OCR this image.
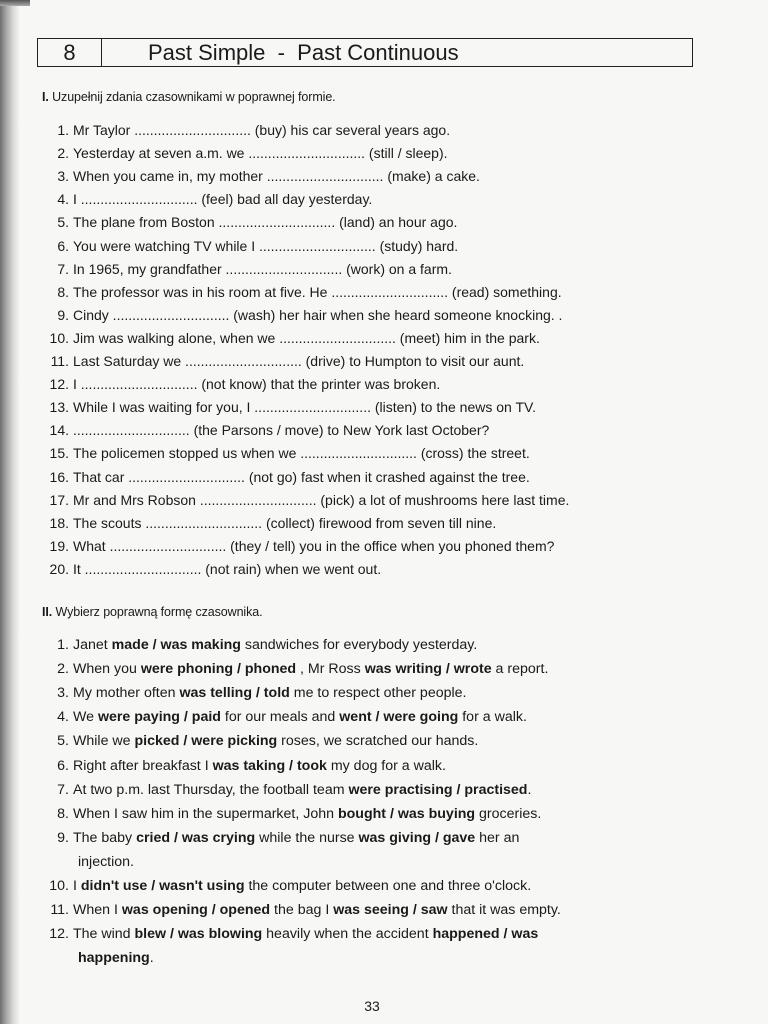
8	Past Simple  -  Past Continuous
I. Uzupełnij zdania czasownikami w poprawnej formie.
1. Mr Taylor .............................. (buy) his car several years ago.
2. Yesterday at seven a.m. we .............................. (still / sleep).
3. When you came in, my mother .............................. (make) a cake.
4. I .............................. (feel) bad all day yesterday.
5. The plane from Boston .............................. (land) an hour ago.
6. You were watching TV while I .............................. (study) hard.
7. In 1965, my grandfather .............................. (work) on a farm.
8. The professor was in his room at five. He .............................. (read) something.
9. Cindy .............................. (wash) her hair when she heard someone knocking. .
10. Jim was walking alone, when we .............................. (meet) him in the park.
11. Last Saturday we .............................. (drive) to Humpton to visit our aunt.
12. I .............................. (not know) that the printer was broken.
13. While I was waiting for you, I .............................. (listen) to the news on TV.
14. .............................. (the Parsons / move) to New York last October?
15. The policemen stopped us when we .............................. (cross) the street.
16. That car .............................. (not go) fast when it crashed against the tree.
17. Mr and Mrs Robson .............................. (pick) a lot of mushrooms here last time.
18. The scouts .............................. (collect) firewood from seven till nine.
19. What .............................. (they / tell) you in the office when you phoned them?
20. It .............................. (not rain) when we went out.
II. Wybierz poprawną formę czasownika.
1. Janet made / was making sandwiches for everybody yesterday.
2. When you were phoning / phoned , Mr Ross was writing / wrote a report.
3. My mother often was telling / told me to respect other people.
4. We were paying / paid for our meals and went / were going for a walk.
5. While we picked / were picking roses, we scratched our hands.
6. Right after breakfast I was taking / took my dog for a walk.
7. At two p.m. last Thursday, the football team were practising / practised.
8. When I saw him in the supermarket, John bought / was buying groceries.
9. The baby cried / was crying while the nurse was giving / gave her an
injection.
10. I didn't use / wasn't using the computer between one and three o'clock.
11. When I was opening / opened the bag I was seeing / saw that it was empty.
12. The wind blew / was blowing heavily when the accident happened / was
happening.
33
